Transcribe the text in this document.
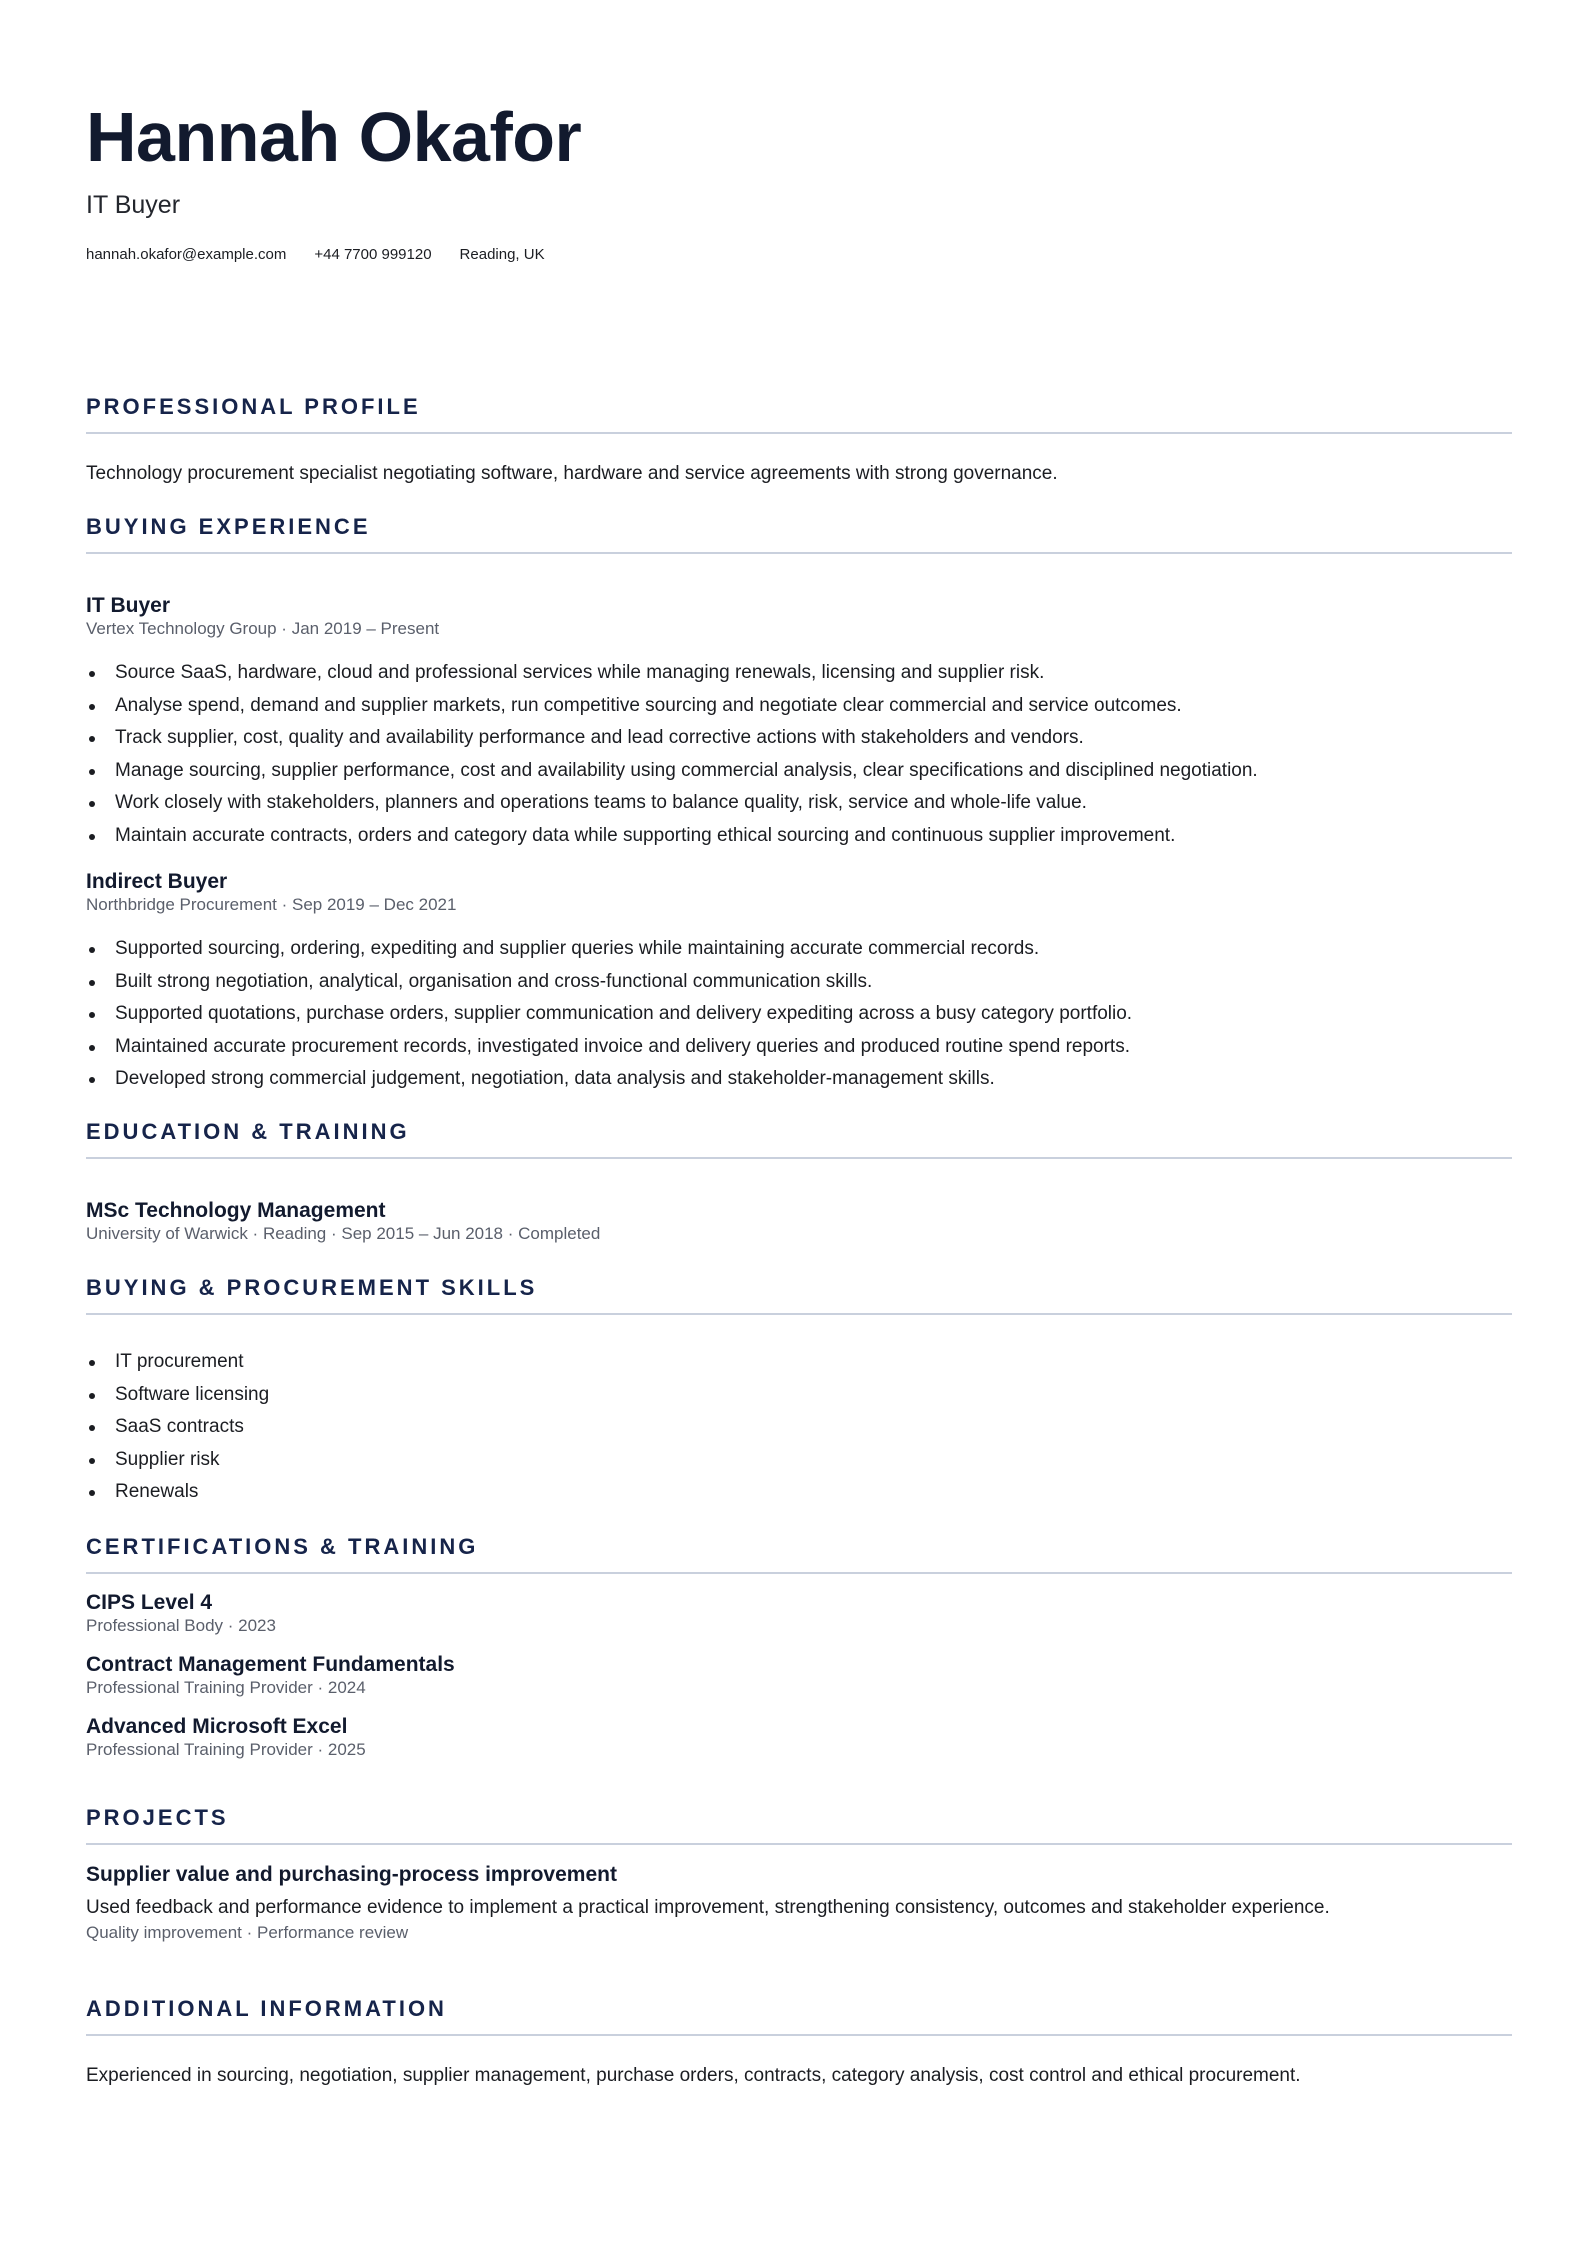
Hannah Okafor

IT Buyer

hannah.okafor@example.com +44 7700 999120 Reading, UK
PROFESSIONAL PROFILE

Technology procurement specialist negotiating software, hardware and service agreements with strong governance.

BUYING EXPERIENCE

IT Buyer

Vertex Technology Group · Jan 2019 – Present

Source SaaS, hardware, cloud and professional services while managing renewals, licensing and supplier risk.
Analyse spend, demand and supplier markets, run competitive sourcing and negotiate clear commercial and service outcomes.
Track supplier, cost, quality and availability performance and lead corrective actions with stakeholders and vendors.
Manage sourcing, supplier performance, cost and availability using commercial analysis, clear specifications and disciplined negotiation.
Work closely with stakeholders, planners and operations teams to balance quality, risk, service and whole-life value.
Maintain accurate contracts, orders and category data while supporting ethical sourcing and continuous supplier improvement.

Indirect Buyer

Northbridge Procurement · Sep 2019 – Dec 2021

Supported sourcing, ordering, expediting and supplier queries while maintaining accurate commercial records.
Built strong negotiation, analytical, organisation and cross-functional communication skills.
Supported quotations, purchase orders, supplier communication and delivery expediting across a busy category portfolio.
Maintained accurate procurement records, investigated invoice and delivery queries and produced routine spend reports.
Developed strong commercial judgement, negotiation, data analysis and stakeholder-management skills.
EDUCATION & TRAINING

MSc Technology Management

University of Warwick · Reading · Sep 2015 – Jun 2018 · Completed

BUYING & PROCUREMENT SKILLS
IT procurement
Software licensing
SaaS contracts
Supplier risk
Renewals
CERTIFICATIONS & TRAINING

CIPS Level 4

Professional Body · 2023

Contract Management Fundamentals

Professional Training Provider · 2024

Advanced Microsoft Excel

Professional Training Provider · 2025

PROJECTS

Supplier value and purchasing-process improvement

Used feedback and performance evidence to implement a practical improvement, strengthening consistency, outcomes and stakeholder experience.

Quality improvement · Performance review

ADDITIONAL INFORMATION

Experienced in sourcing, negotiation, supplier management, purchase orders, contracts, category analysis, cost control and ethical procurement.
